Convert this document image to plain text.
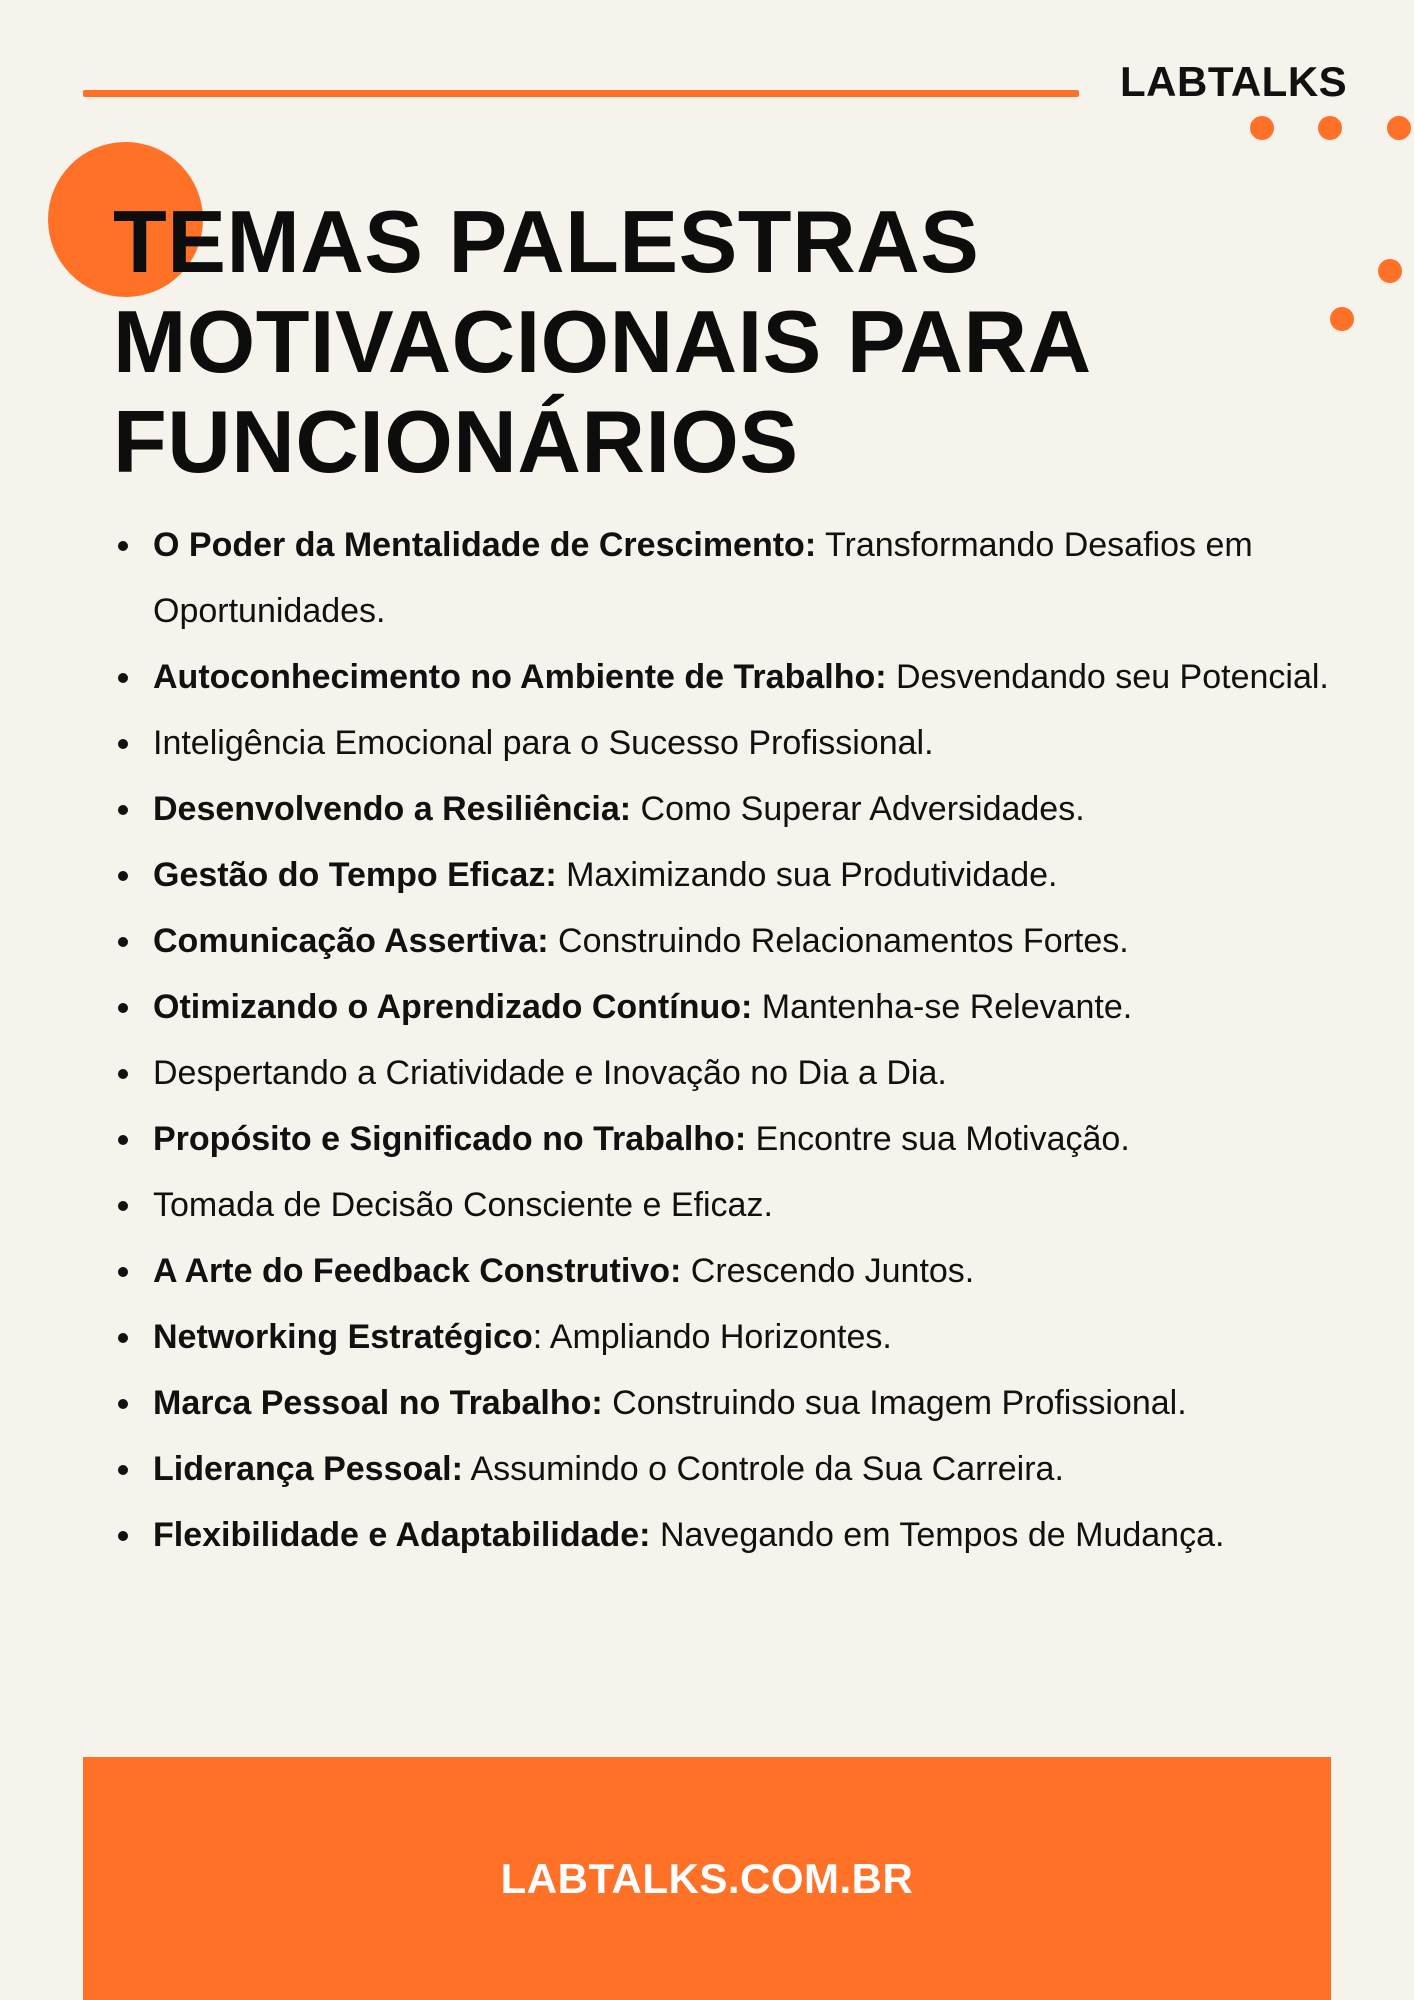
LABTALKS
TEMAS PALESTRAS
MOTIVACIONAIS PARA
FUNCIONÁRIOS
O Poder da Mentalidade de Crescimento: Transformando Desafios em Oportunidades.
Autoconhecimento no Ambiente de Trabalho: Desvendando seu Potencial.
Inteligência Emocional para o Sucesso Profissional.
Desenvolvendo a Resiliência: Como Superar Adversidades.
Gestão do Tempo Eficaz: Maximizando sua Produtividade.
Comunicação Assertiva: Construindo Relacionamentos Fortes.
Otimizando o Aprendizado Contínuo: Mantenha-se Relevante.
Despertando a Criatividade e Inovação no Dia a Dia.
Propósito e Significado no Trabalho: Encontre sua Motivação.
Tomada de Decisão Consciente e Eficaz.
A Arte do Feedback Construtivo: Crescendo Juntos.
Networking Estratégico: Ampliando Horizontes.
Marca Pessoal no Trabalho: Construindo sua Imagem Profissional.
Liderança Pessoal: Assumindo o Controle da Sua Carreira.
Flexibilidade e Adaptabilidade: Navegando em Tempos de Mudança.
LABTALKS.COM.BR
